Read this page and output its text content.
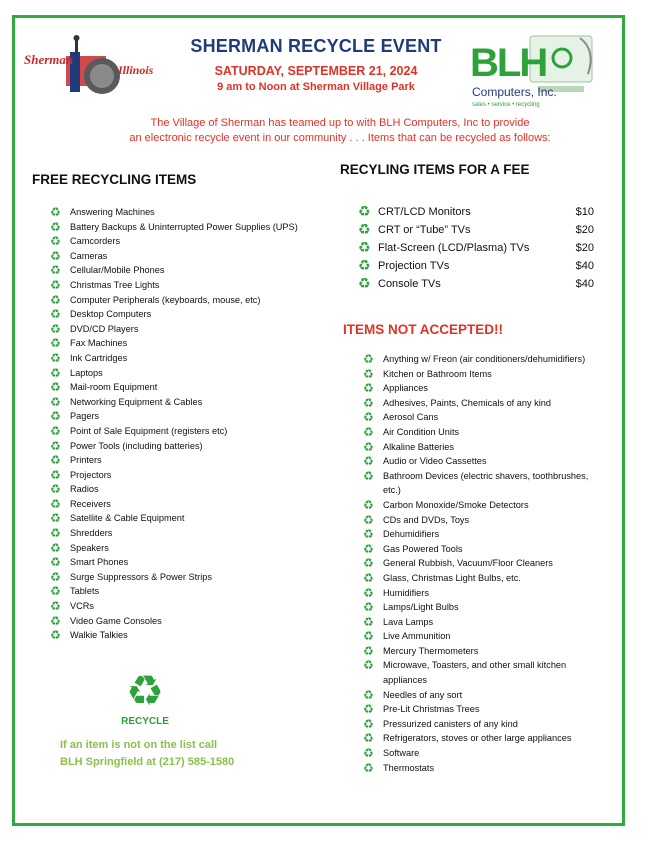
Sherman
Illinois	BLH
Computers, Inc.
sales • service • recycling
SHERMAN RECYCLE EVENT
SATURDAY, SEPTEMBER 21, 2024
9 am to Noon at Sherman Village Park
The Village of Sherman has teamed up to with BLH Computers, Inc to provide
an electronic recycle event in our community . . . Items that can be recycled as follows:
FREE RECYCLING ITEMS
RECYLING ITEMS FOR A FEE
ITEMS NOT ACCEPTED!!
♻ Answering Machines
♻ Battery Backups & Uninterrupted Power Supplies (UPS)
♻ Camcorders
♻ Cameras
♻ Cellular/Mobile Phones
♻ Christmas Tree Lights
♻ Computer Peripherals (keyboards, mouse, etc)
♻ Desktop Computers
♻ DVD/CD Players
♻ Fax Machines
♻ Ink Cartridges
♻ Laptops
♻ Mail-room Equipment
♻ Networking Equipment & Cables
♻ Pagers
♻ Point of Sale Equipment (registers etc)
♻ Power Tools (including batteries)
♻ Printers
♻ Projectors
♻ Radios
♻ Receivers
♻ Satellite & Cable Equipment
♻ Shredders
♻ Speakers
♻ Smart Phones
♻ Surge Suppressors & Power Strips
♻ Tablets
♻ VCRs
♻ Video Game Consoles
♻ Walkie Talkies
♻ CRT/LCD Monitors	$10
♻ CRT or “Tube” TVs	$20
♻ Flat-Screen (LCD/Plasma) TVs	$20
♻ Projection TVs	$40
♻ Console TVs	$40
♻ Anything w/ Freon (air conditioners/dehumidifiers)
♻ Kitchen or Bathroom Items
♻ Appliances
♻ Adhesives, Paints, Chemicals of any kind
♻ Aerosol Cans
♻ Air Condition Units
♻ Alkaline Batteries
♻ Audio or Video Cassettes
♻ Bathroom Devices (electric shavers, toothbrushes, etc.)
♻ Carbon Monoxide/Smoke Detectors
♻ CDs and DVDs, Toys
♻ Dehumidifiers
♻ Gas Powered Tools
♻ General Rubbish, Vacuum/Floor Cleaners
♻ Glass, Christmas Light Bulbs, etc.
♻ Humidifiers
♻ Lamps/Light Bulbs
♻ Lava Lamps
♻ Live Ammunition
♻ Mercury Thermometers
♻ Microwave, Toasters, and other small kitchen appliances
♻ Needles of any sort
♻ Pre-Lit Christmas Trees
♻ Pressurized canisters of any kind
♻ Refrigerators, stoves or other large appliances
♻ Software
♻ Thermostats
♻
RECYCLE
If an item is not on the list call
BLH Springfield at (217) 585-1580
